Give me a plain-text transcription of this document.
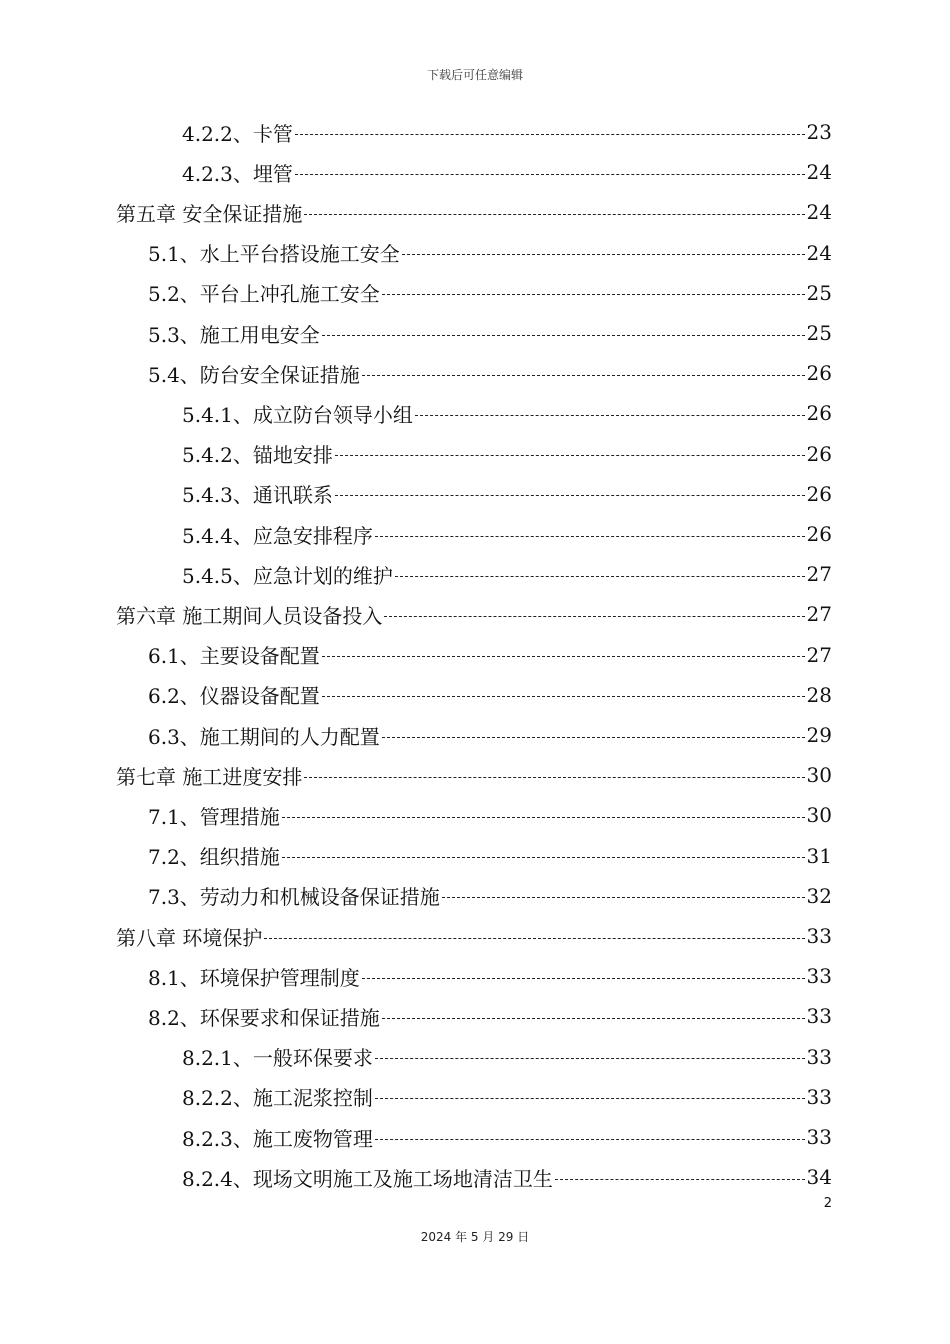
下载后可任意编辑
4.2.2、卡管	23
4.2.3、埋管	24
第五章 安全保证措施	24
5.1、水上平台搭设施工安全	24
5.2、平台上冲孔施工安全	25
5.3、施工用电安全	25
5.4、防台安全保证措施	26
5.4.1、成立防台领导小组	26
5.4.2、锚地安排	26
5.4.3、通讯联系	26
5.4.4、应急安排程序	26
5.4.5、应急计划的维护	27
第六章 施工期间人员设备投入	27
6.1、主要设备配置	27
6.2、仪器设备配置	28
6.3、施工期间的人力配置	29
第七章 施工进度安排	30
7.1、管理措施	30
7.2、组织措施	31
7.3、劳动力和机械设备保证措施	32
第八章 环境保护	33
8.1、环境保护管理制度	33
8.2、环保要求和保证措施	33
8.2.1、一般环保要求	33
8.2.2、施工泥浆控制	33
8.2.3、施工废物管理	33
8.2.4、现场文明施工及施工场地清洁卫生	34
2
2024 年 5 月 29 日
